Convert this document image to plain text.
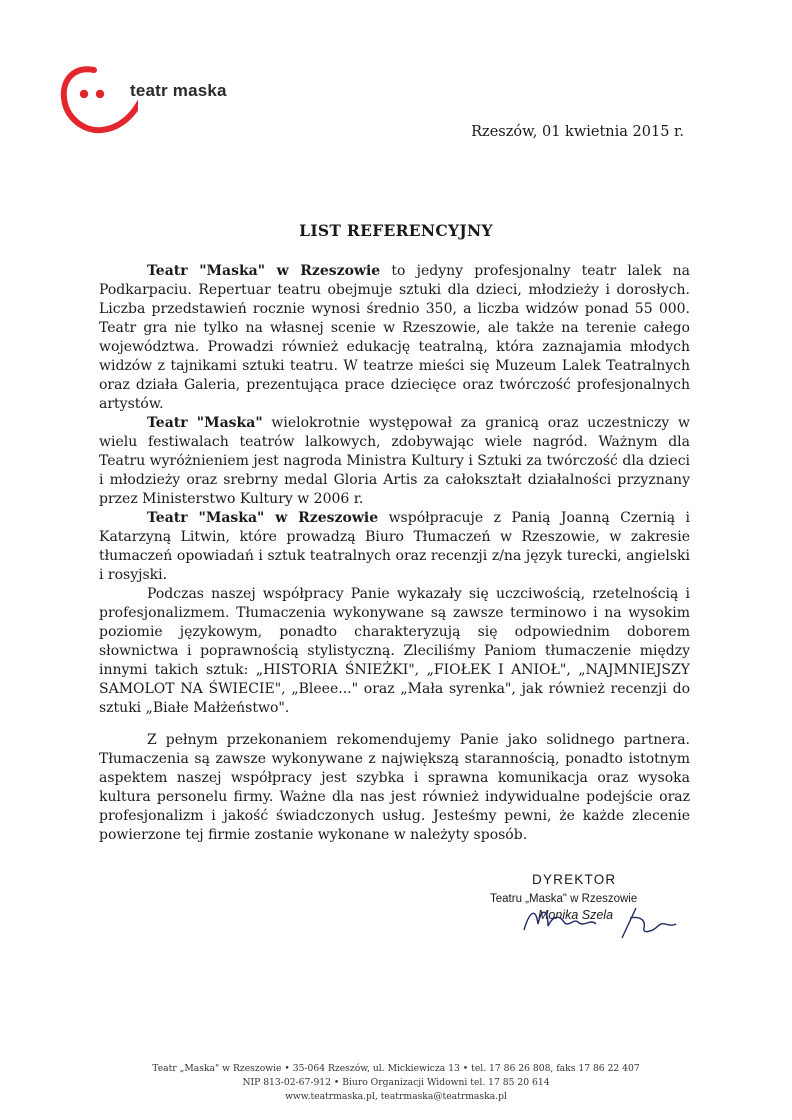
teatr maska
Rzeszów, 01 kwietnia 2015 r.
LIST REFERENCYJNY

Teatr "Maska" w Rzeszowie to jedyny profesjonalny teatr lalek na Podkarpaciu. Repertuar teatru obejmuje sztuki dla dzieci, młodzieży i dorosłych. Liczba przedstawień rocznie wynosi średnio 350, a liczba widzów ponad 55 000. Teatr gra nie tylko na własnej scenie w Rzeszowie, ale także na terenie całego województwa. Prowadzi również edukację teatralną, która zaznajamia młodych widzów z tajnikami sztuki teatru. W teatrze mieści się Muzeum Lalek Teatralnych oraz działa Galeria, prezentująca prace dziecięce oraz twórczość profesjonalnych artystów.

Teatr "Maska" wielokrotnie występował za granicą oraz uczestniczy w wielu festiwalach teatrów lalkowych, zdobywając wiele nagród. Ważnym dla Teatru wyróżnieniem jest nagroda Ministra Kultury i Sztuki za twórczość dla dzieci i młodzieży oraz srebrny medal Gloria Artis za całokształt działalności przyznany przez Ministerstwo Kultury w 2006 r.

Teatr "Maska" w Rzeszowie współpracuje z Panią Joanną Czernią i Katarzyną Litwin, które prowadzą Biuro Tłumaczeń w Rzeszowie, w zakresie tłumaczeń opowiadań i sztuk teatralnych oraz recenzji z/na język turecki, angielski i rosyjski.

Podczas naszej współpracy Panie wykazały się uczciwością, rzetelnością i profesjonalizmem. Tłumaczenia wykonywane są zawsze terminowo i na wysokim poziomie językowym, ponadto charakteryzują się odpowiednim doborem słownictwa i poprawnością stylistyczną. Zleciliśmy Paniom tłumaczenie między innymi takich sztuk: „HISTORIA ŚNIEŻKI", „FIOŁEK I ANIOŁ", „NAJMNIEJSZY SAMOLOT NA ŚWIECIE", „Bleee..." oraz „Mała syrenka", jak również recenzji do sztuki „Białe Małżeństwo".

Z pełnym przekonaniem rekomendujemy Panie jako solidnego partnera. Tłumaczenia są zawsze wykonywane z największą starannością, ponadto istotnym aspektem naszej współpracy jest szybka i sprawna komunikacja oraz wysoka kultura personelu firmy. Ważne dla nas jest również indywidualne podejście oraz profesjonalizm i jakość świadczonych usług. Jesteśmy pewni, że każde zlecenie powierzone tej firmie zostanie wykonane w należyty sposób.

DYREKTOR
Teatru „Maska" w Rzeszowie
Monika Szela
Teatr „Maska" w Rzeszowie • 35-064 Rzeszów, ul. Mickiewicza 13 • tel. 17 86 26 808, faks 17 86 22 407
NIP 813-02-67-912 • Biuro Organizacji Widowni tel. 17 85 20 614
www.teatrmaska.pl, teatrmaska@teatrmaska.pl
